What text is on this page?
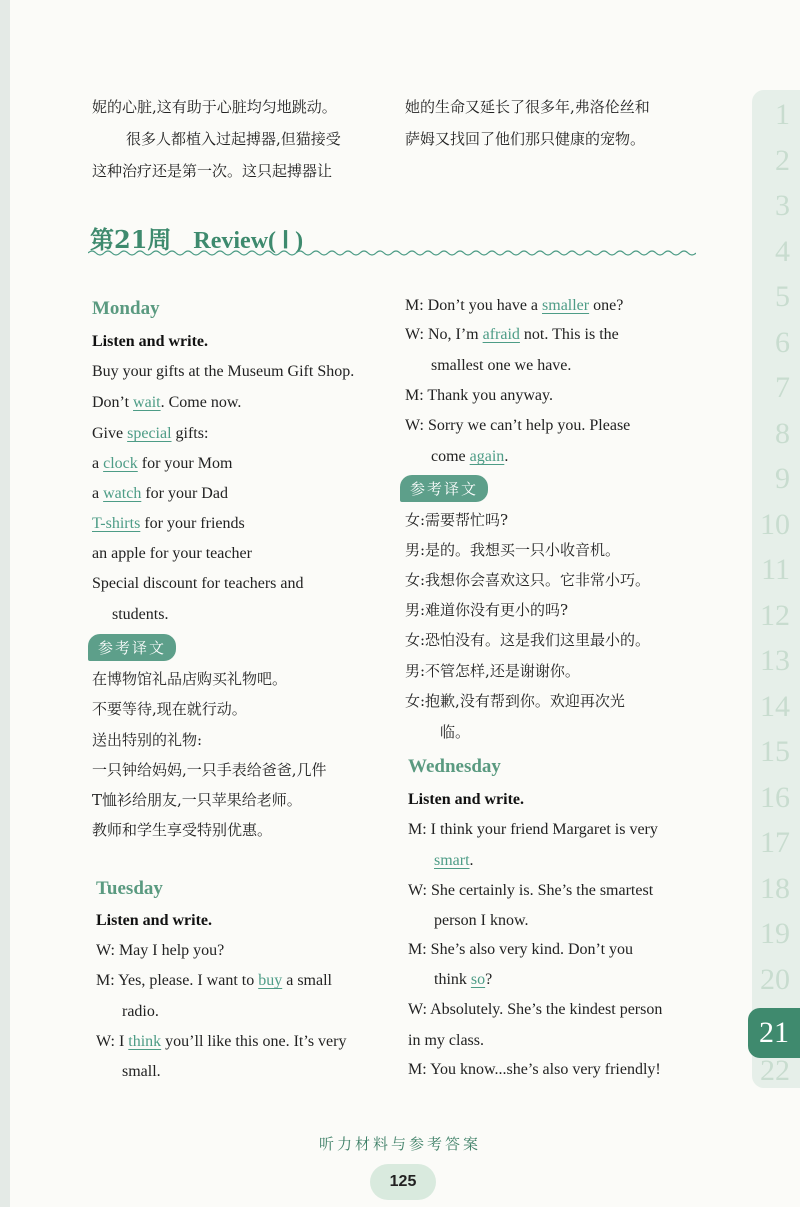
妮的心脏,这有助于心脏均匀地跳动。
很多人都植入过起搏器,但猫接受
这种治疗还是第一次。这只起搏器让
她的生命又延长了很多年,弗洛伦丝和
萨姆又找回了他们那只健康的宠物。
第21周 Review( Ⅰ )
Monday
Listen and write.
Buy your gifts at the Museum Gift Shop.
Don’t wait. Come now.
Give special gifts:
a clock for your Mom
a watch for your Dad
T-shirts for your friends
an apple for your teacher
Special discount for teachers and
students.
参考译文
在博物馆礼品店购买礼物吧。
不要等待,现在就行动。
送出特别的礼物:
一只钟给妈妈,一只手表给爸爸,几件
T恤衫给朋友,一只苹果给老师。
教师和学生享受特别优惠。
Tuesday
Listen and write.
W: May I help you?
M: Yes, please. I want to buy a small
radio.
W: I think you’ll like this one. It’s very
small.
M: Don’t you have a smaller one?
W: No, I’m afraid not. This is the
smallest one we have.
M: Thank you anyway.
W: Sorry we can’t help you. Please
come again.
参考译文
女:需要帮忙吗?
男:是的。我想买一只小收音机。
女:我想你会喜欢这只。它非常小巧。
男:难道你没有更小的吗?
女:恐怕没有。这是我们这里最小的。
男:不管怎样,还是谢谢你。
女:抱歉,没有帮到你。欢迎再次光
临。
Wednesday
Listen and write.
M: I think your friend Margaret is very
smart.
W: She certainly is. She’s the smartest
person I know.
M: She’s also very kind. Don’t you
think so?
W: Absolutely. She’s the kindest person
in my class.
M: You know...she’s also very friendly!
1
2
3
4
5
6
7
8
9
10
11
12
13
14
15
16
17
18
19
20
21
22
听力材料与参考答案
125
